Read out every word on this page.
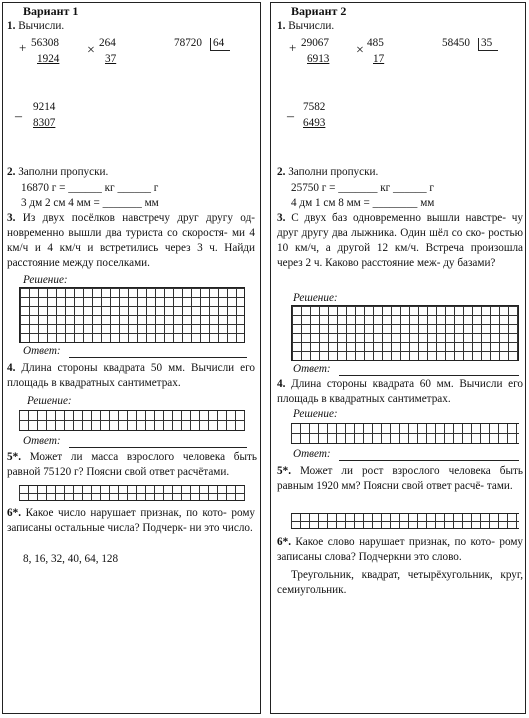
Вариант 1
1. Вычисли.
+ 56308
1924
× 264
37
78720 64
–
9214
8307
2. Заполни пропуски.
16870 г = ______ кг ______ г
3 дм 2 см 4 мм = _______ мм
3. Из двух посёлков навстречу друг другу од- новременно вышли два туриста со скоростя- ми 4 км/ч и 4 км/ч и встретились через 3 ч. Найди расстояние между поселками.
Решение:
Ответ:
4. Длина стороны квадрата 50 мм. Вычисли его площадь в квадратных сантиметрах.
Решение:
Ответ:
5*. Может ли масса взрослого человека быть равной 75120 г? Поясни свой ответ расчётами.
6*. Какое число нарушает признак, по кото- рому записаны остальные числа? Подчерк- ни это число.
8, 16, 32, 40, 64, 128
Вариант 2
1. Вычисли.
+ 29067
6913
× 485
17
58450 35
–
7582
6493
2. Заполни пропуски.
25750 г = _______ кг ______ г
4 дм 1 см 8 мм = ________ мм
3. С двух баз одновременно вышли навстре- чу друг другу два лыжника. Один шёл со ско- ростью 10 км/ч, а другой 12 км/ч. Встреча произошла через 2 ч. Каково расстояние меж- ду базами?
Решение:
Ответ:
4. Длина стороны квадрата 60 мм. Вычисли его площадь в квадратных сантиметрах.
Решение:
Ответ:
5*. Может ли рост взрослого человека быть равным 1920 мм? Поясни свой ответ расчё- тами.
6*. Какое слово нарушает признак, по кото- рому записаны слова? Подчеркни это слово.
Треугольник, квадрат, четырёхугольник, круг, семиугольник.
